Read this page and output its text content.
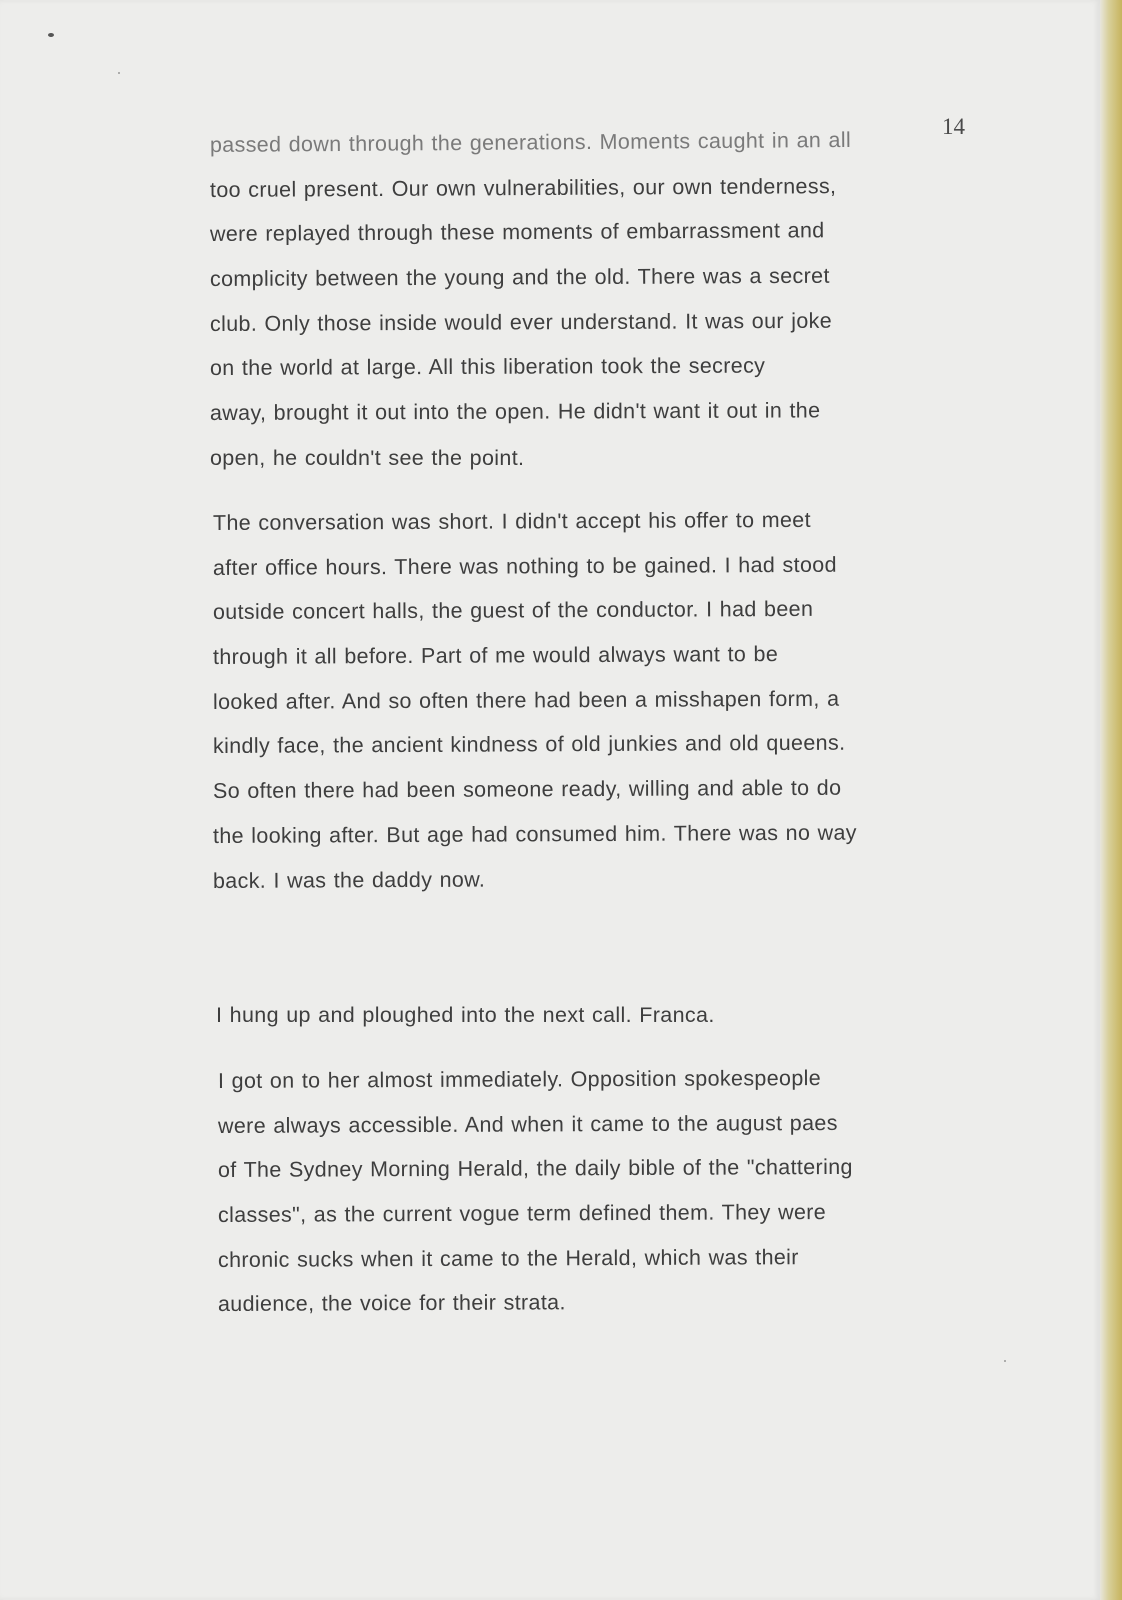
14
passed down through the generations. Moments caught in an all
too cruel present. Our own vulnerabilities, our own tenderness,
were replayed through these moments of embarrassment and
complicity between the young and the old. There was a secret
club. Only those inside would ever understand. It was our joke
on the world at large. All this liberation took the secrecy
away, brought it out into the open. He didn't want it out in the
open, he couldn't see the point.
The conversation was short. I didn't accept his offer to meet
after office hours. There was nothing to be gained. I had stood
outside concert halls, the guest of the conductor. I had been
through it all before. Part of me would always want to be
looked after. And so often there had been a misshapen form, a
kindly face, the ancient kindness of old junkies and old queens.
So often there had been someone ready, willing and able to do
the looking after. But age had consumed him. There was no way
back. I was the daddy now.
I hung up and ploughed into the next call. Franca.
I got on to her almost immediately. Opposition spokespeople
were always accessible. And when it came to the august paes
of The Sydney Morning Herald, the daily bible of the "chattering
classes", as the current vogue term defined them. They were
chronic sucks when it came to the Herald, which was their
audience, the voice for their strata.
